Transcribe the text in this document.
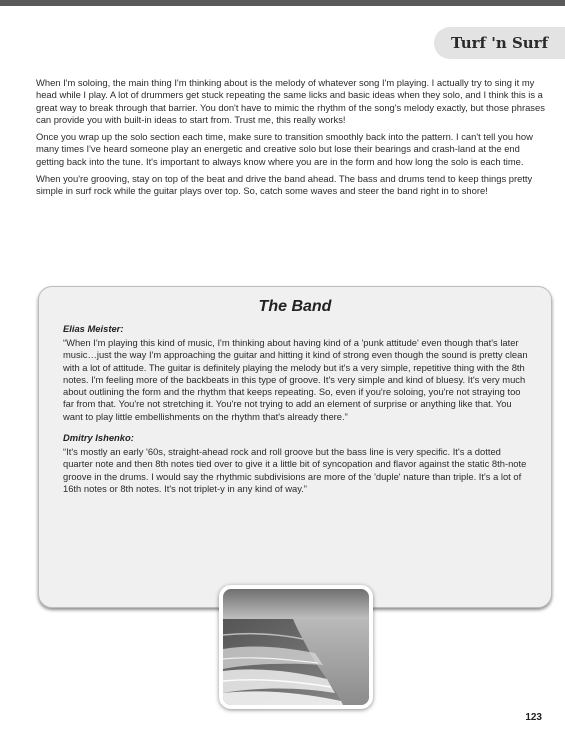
Turf 'n Surf

When I'm soloing, the main thing I'm thinking about is the melody of whatever song I'm playing. I actually try to sing it my head while I play. A lot of drummers get stuck repeating the same licks and basic ideas when they solo, and I think this is a great way to break through that barrier. You don't have to mimic the rhythm of the song's melody exactly, but those phrases can provide you with built-in ideas to start from. Trust me, this really works!

Once you wrap up the solo section each time, make sure to transition smoothly back into the pattern. I can't tell you how many times I've heard someone play an energetic and creative solo but lose their bearings and crash-land at the end getting back into the tune. It's important to always know where you are in the form and how long the solo is each time.

When you're grooving, stay on top of the beat and drive the band ahead. The bass and drums tend to keep things pretty simple in surf rock while the guitar plays over top. So, catch some waves and steer the band right in to shore!

The Band
Elias Meister:
“When I'm playing this kind of music, I'm thinking about having kind of a 'punk attitude' even though that's later music…just the way I'm approaching the guitar and hitting it kind of strong even though the sound is pretty clean with a lot of attitude. The guitar is definitely playing the melody but it's a very simple, repetitive thing with the 8th notes. I'm feeling more of the backbeats in this type of groove. It's very simple and kind of bluesy. It's very much about outlining the form and the rhythm that keeps repeating. So, even if you're soloing, you're not straying too far from that. You're not stretching it. You're not trying to add an element of surprise or anything like that. You want to play little embellishments on the rhythm that's already there.”
Dmitry Ishenko:
“It's mostly an early '60s, straight-ahead rock and roll groove but the bass line is very specific. It's a dotted quarter note and then 8th notes tied over to give it a little bit of syncopation and flavor against the static 8th-note groove in the drums. I would say the rhythmic subdivisions are more of the 'duple' nature than triple. It's a lot of 16th notes or 8th notes. It's not triplet-y in any kind of way.”
123
